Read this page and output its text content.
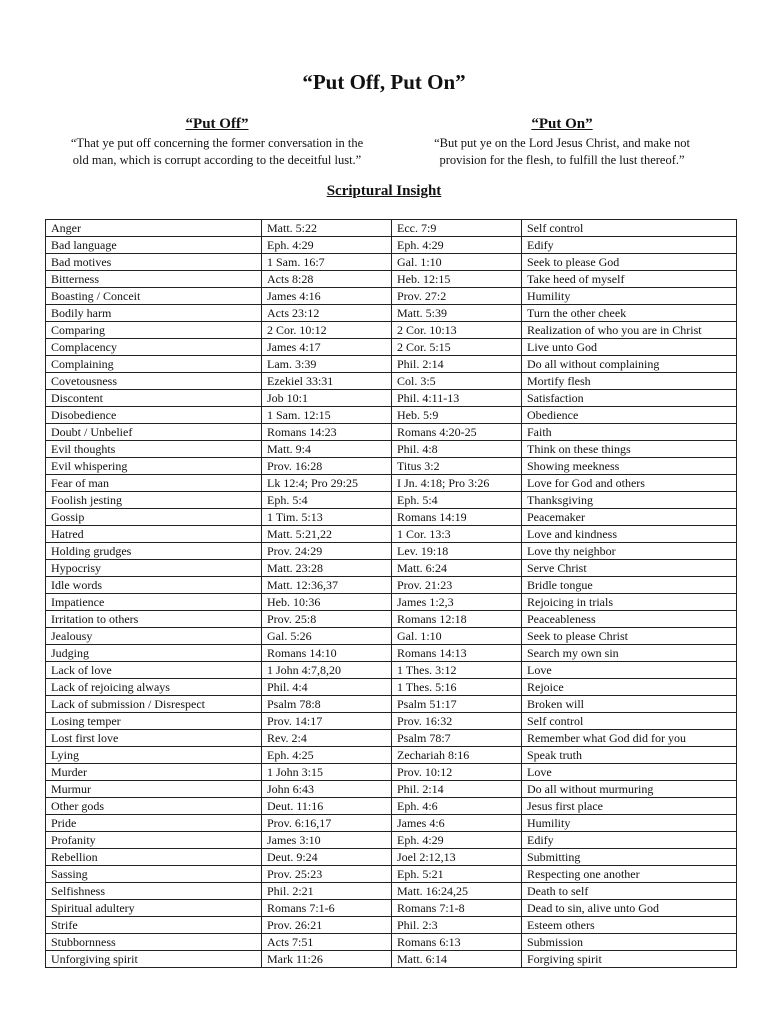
“Put Off, Put On”
“Put Off”
“That ye put off concerning the former conversation in the
old man, which is corrupt according to the deceitful lust.”
“Put On”
“But put ye on the Lord Jesus Christ, and make not
provision for the flesh, to fulfill the lust thereof.”
Scriptural Insight
Anger	Matt. 5:22	Ecc. 7:9	Self control
Bad language	Eph. 4:29	Eph. 4:29	Edify
Bad motives	1 Sam. 16:7	Gal. 1:10	Seek to please God
Bitterness	Acts 8:28	Heb. 12:15	Take heed of myself
Boasting / Conceit	James 4:16	Prov. 27:2	Humility
Bodily harm	Acts 23:12	Matt. 5:39	Turn the other cheek
Comparing	2 Cor. 10:12	2 Cor. 10:13	Realization of who you are in Christ
Complacency	James 4:17	2 Cor. 5:15	Live unto God
Complaining	Lam. 3:39	Phil. 2:14	Do all without complaining
Covetousness	Ezekiel 33:31	Col. 3:5	Mortify flesh
Discontent	Job 10:1	Phil. 4:11-13	Satisfaction
Disobedience	1 Sam. 12:15	Heb. 5:9	Obedience
Doubt / Unbelief	Romans 14:23	Romans 4:20-25	Faith
Evil thoughts	Matt. 9:4	Phil. 4:8	Think on these things
Evil whispering	Prov. 16:28	Titus 3:2	Showing meekness
Fear of man	Lk 12:4; Pro 29:25	I Jn. 4:18; Pro 3:26	Love for God and others
Foolish jesting	Eph. 5:4	Eph. 5:4	Thanksgiving
Gossip	1 Tim. 5:13	Romans 14:19	Peacemaker
Hatred	Matt. 5:21,22	1 Cor. 13:3	Love and kindness
Holding grudges	Prov. 24:29	Lev. 19:18	Love thy neighbor
Hypocrisy	Matt. 23:28	Matt. 6:24	Serve Christ
Idle words	Matt. 12:36,37	Prov. 21:23	Bridle tongue
Impatience	Heb. 10:36	James 1:2,3	Rejoicing in trials
Irritation to others	Prov. 25:8	Romans 12:18	Peaceableness
Jealousy	Gal. 5:26	Gal. 1:10	Seek to please Christ
Judging	Romans 14:10	Romans 14:13	Search my own sin
Lack of love	1 John 4:7,8,20	1 Thes. 3:12	Love
Lack of rejoicing always	Phil. 4:4	1 Thes. 5:16	Rejoice
Lack of submission / Disrespect	Psalm 78:8	Psalm 51:17	Broken will
Losing temper	Prov. 14:17	Prov. 16:32	Self control
Lost first love	Rev. 2:4	Psalm 78:7	Remember what God did for you
Lying	Eph. 4:25	Zechariah 8:16	Speak truth
Murder	1 John 3:15	Prov. 10:12	Love
Murmur	John 6:43	Phil. 2:14	Do all without murmuring
Other gods	Deut. 11:16	Eph. 4:6	Jesus first place
Pride	Prov. 6:16,17	James 4:6	Humility
Profanity	James 3:10	Eph. 4:29	Edify
Rebellion	Deut. 9:24	Joel 2:12,13	Submitting
Sassing	Prov. 25:23	Eph. 5:21	Respecting one another
Selfishness	Phil. 2:21	Matt. 16:24,25	Death to self
Spiritual adultery	Romans 7:1-6	Romans 7:1-8	Dead to sin, alive unto God
Strife	Prov. 26:21	Phil. 2:3	Esteem others
Stubbornness	Acts 7:51	Romans 6:13	Submission
Unforgiving spirit	Mark 11:26	Matt. 6:14	Forgiving spirit
